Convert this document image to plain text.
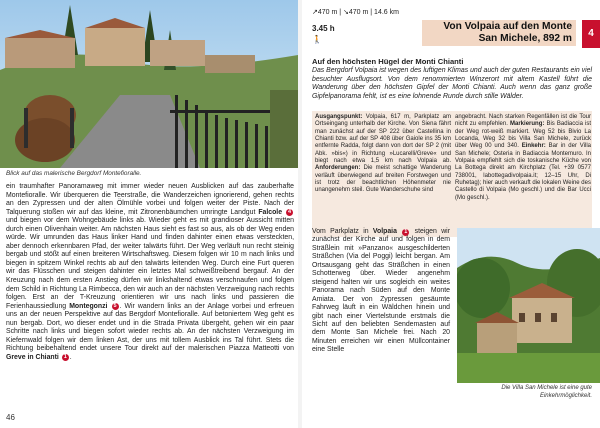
Blick auf das malerische Bergdorf Montefioralle.
ein traumhafter Panoramaweg mit immer wieder neuen Ausblicken auf das zauberhafte Montefioralle. Wir überqueren die Teerstraße, die Wanderzeichen ignorierend, gehen rechts an den Zypressen und der alten Ölmühle vorbei und folgen weiter der Piste. Nach der Talquerung stoßen wir auf das kleine, mit Zitronenbäumchen umringte Landgut Falcole 4 und biegen vor dem Wohngebäude links ab. Wieder geht es mit grandioser Aussicht mitten durch einen Olivenhain weiter. Am nächsten Haus sieht es fast so aus, als ob der Weg enden würde. Wir umrunden das Haus linker Hand und finden dahinter einen etwas versteckten, aber dennoch erkennbaren Pfad, der weiter talwärts führt. Der Weg verläuft nun recht steinig bergab und stößt auf einen breiteren Wirtschaftsweg. Diesem folgen wir 10 m nach links und biegen in spitzem Winkel rechts ab auf den talwärts leitenden Weg. Durch eine Furt queren wir das Flüsschen und steigen dahinter ein letztes Mal schweißtreibend bergauf. An der Kreuzung nach dem ersten Anstieg dürfen wir linkshaltend etwas verschnaufen und folgen dem Schild in Richtung La Rimbecca, den wir auch an der nächsten Verzweigung nach rechts folgen. Erst an der T-Kreuzung orientieren wir uns nach links und passieren die Ferienhaussiedlung Montegonzi 5 . Wir wandern links an der Anlage vorbei und erfreuen uns an der neuen Perspektive auf das Bergdorf Montefioralle. Auf betoniertem Weg geht es nun bergab. Dort, wo dieser endet und in die Strada Privata übergeht, gehen wir ein paar Schritte nach links und biegen sofort wieder rechts ab. An der nächsten Verzweigung im Kiefernwald folgen wir dem linken Ast, der uns mit tollem Ausblick ins Tal führt. Stets die Richtung beibehaltend endet unsere Tour direkt auf der malerischen Piazza Matteotti von Greve in Chianti 1 .
46
↗470 m | ↘470 m | 14.6 km
3.45 h
🚶
Von Volpaia auf den Monte
San Michele, 892 m	4
Auf den höchsten Hügel der Monti Chianti
Das Bergdorf Volpaia ist wegen des luftigen Klimas und auch der guten Restaurants ein viel besuchter Ausflugsort. Von dem renommierten Winzerort mit altem Kastell führt die Wanderung über den höchsten Gipfel der Monti Chianti. Auch wenn das ganz große Gipfelpanorama fehlt, ist es eine lohnende Runde durch stille Wälder.
Ausgangspunkt: Volpaia, 617 m, Parkplatz am Ortseingang unterhalb der Kirche. Von Siena fährt man zunächst auf der SP 222 über Castellina in Chianti bzw. auf der SP 408 über Gaiole ins 35 km entfernte Radda, folgt dann von dort der SP 2 (mit Abk. »bis«) in Richtung »Lucarelli/Greve« und biegt nach etwa 1,5 km nach Volpaia ab. Anforderungen: Die meist schattige Wanderung verläuft überwiegend auf breiten Forstwegen und ist trotz der beachtlichen Höhenmeter nie unangenehm steil. Gute Wanderschuhe sind
angebracht. Nach starken Regenfällen ist die Tour nicht zu empfehlen. Markierung: Bis Badiaccia ist der Weg rot-weiß markiert. Weg 52 bis Bivio La Locanda, Weg 32 bis Villa San Michele, zurück über Weg 00 und 340. Einkehr: Bar in der Villa San Michele; Osteria in Badiaccia Montemuro. In Volpaia empfiehlt sich die toskanische Küche von La Bottega direkt am Kirchplatz (Tel. +39 0577 738001, labottegadivolpaia.it; 12–15 Uhr, Di Ruhetag); hier auch verkauft die lokalen Weine des Castello di Volpaia (Mo geschl.) und die Bar Ucci (Mo geschl.).
Vom Parkplatz in Volpaia 1 steigen wir zunächst der Kirche auf und folgen in dem Sträßlein mit »Panzano« ausgeschilderten Sträßchen (Via del Poggi) leicht bergan. Am Ortsausgang geht das Sträßchen in einen Schotterweg über. Wieder angenehm steigend halten wir uns sogleich ein weites Panorama nach Süden auf den Monte Amiata. Der von Zypressen gesäumte Fahrweg läuft in ein Wäldchen hinein und gibt nach einer Viertelstunde erstmals die Sicht auf den beliebten Sendemasten auf dem Monte San Michele frei. Nach 20 Minuten erreichen wir einen Müllcontainer eine Stelle
Die Villa San Michele ist eine gute
Einkehrmöglichkeit.
